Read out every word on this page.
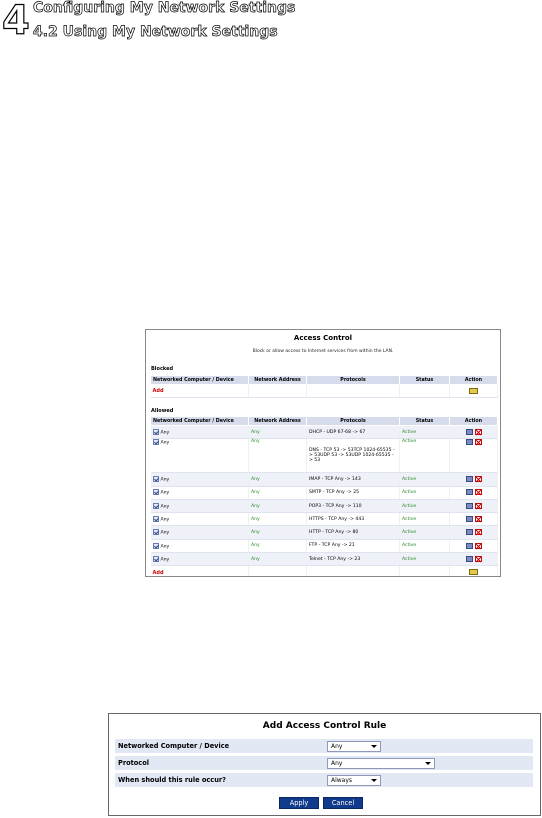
4 Configuring My Network Settings
4.2 Using My Network Settings
Access Control
Block or allow access to Internet services from within the LAN.
Blocked
Networked Computer / Device	Network Address	Protocols	Status	Action
Add				
Allowed
Networked Computer / Device	Network Address	Protocols	Status	Action
Any	Any	DHCP - UDP 67-68 -> 67	Active	
Any	Any	DNS - TCP 53 -> 53TCP 1024-65535 -> 53UDP 53 -> 53UDP 1024-65535 -> 53	Active	
Any	Any	IMAP - TCP Any -> 143	Active	
Any	Any	SMTP - TCP Any -> 25	Active	
Any	Any	POP3 - TCP Any -> 110	Active	
Any	Any	HTTPS - TCP Any -> 443	Active	
Any	Any	HTTP - TCP Any -> 80	Active	
Any	Any	FTP - TCP Any -> 21	Active	
Any	Any	Telnet - TCP Any -> 23	Active	
Add				
Add Access Control Rule
Networked Computer / Device	Any
Protocol	Any
When should this rule occur?	Always
Apply	Cancel
